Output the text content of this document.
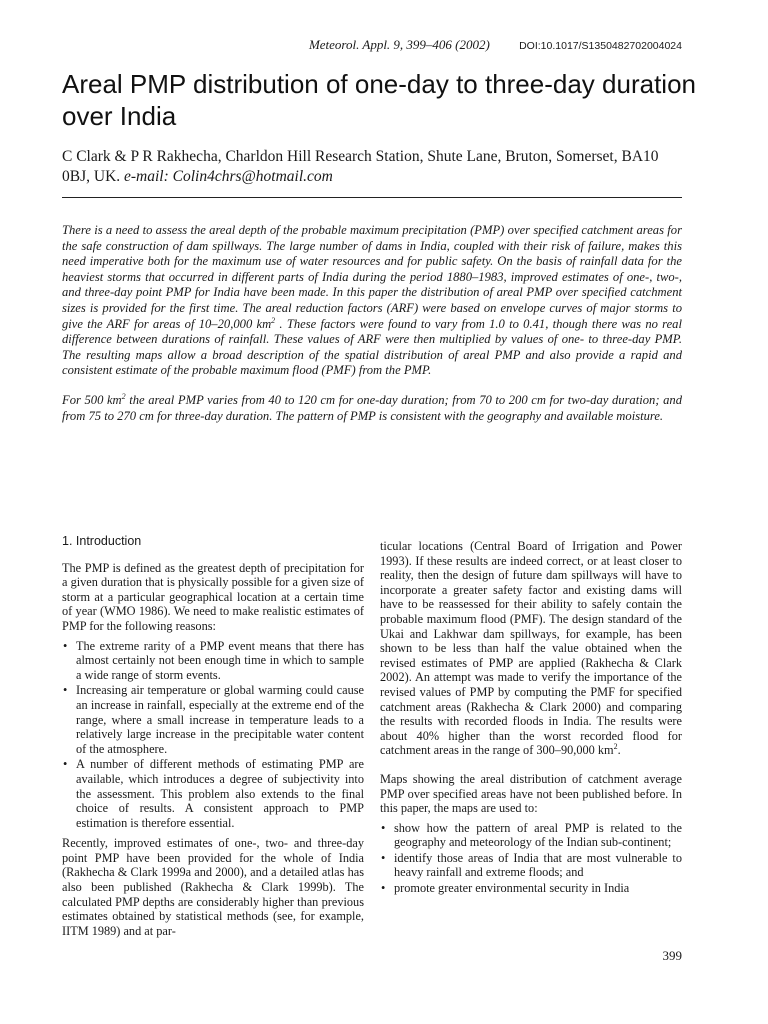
Meteorol. Appl. 9, 399–406 (2002)	DOI:10.1017/S1350482702004024
Areal PMP distribution of one-day to three-day duration over India
C Clark & P R Rakhecha, Charldon Hill Research Station, Shute Lane, Bruton, Somerset, BA10 0BJ, UK. e-mail: Colin4chrs@hotmail.com

There is a need to assess the areal depth of the probable maximum precipitation (PMP) over specified catchment areas for the safe construction of dam spillways. The large number of dams in India, coupled with their risk of failure, makes this need imperative both for the maximum use of water resources and for public safety. On the basis of rainfall data for the heaviest storms that occurred in different parts of India during the period 1880–1983, improved estimates of one-, two-, and three-day point PMP for India have been made. In this paper the distribution of areal PMP over specified catchment sizes is provided for the first time. The areal reduction factors (ARF) were based on envelope curves of major storms to give the ARF for areas of 10–20,000 $km^2$ . These factors were found to vary from 1.0 to 0.41, though there was no real difference between durations of rainfall. These values of ARF were then multiplied by values of one- to three-day PMP. The resulting maps allow a broad description of the spatial distribution of areal PMP and also provide a rapid and consistent estimate of the probable maximum flood (PMF) from the PMP.

For 500 $km^2$ the areal PMP varies from 40 to 120 cm for one-day duration; from 70 to 200 cm for two-day duration; and from 75 to 270 cm for three-day duration. The pattern of PMP is consistent with the geography and available moisture.

1. Introduction

The PMP is defined as the greatest depth of precipitation for a given duration that is physically possible for a given size of storm at a particular geographical location at a certain time of year (WMO 1986). We need to make realistic estimates of PMP for the following reasons:

• The extreme rarity of a PMP event means that there has almost certainly not been enough time in which to sample a wide range of storm events.
• Increasing air temperature or global warming could cause an increase in rainfall, especially at the extreme end of the range, where a small increase in temperature leads to a relatively large increase in the precipitable water content of the atmosphere.
• A number of different methods of estimating PMP are available, which introduces a degree of subjectivity into the assessment. This problem also extends to the final choice of results. A consistent approach to PMP estimation is therefore essential.

Recently, improved estimates of one-, two- and three-day point PMP have been provided for the whole of India (Rakhecha & Clark 1999a and 2000), and a detailed atlas has also been published (Rakhecha & Clark 1999b). The calculated PMP depths are considerably higher than previous estimates obtained by statistical methods (see, for example, IITM 1989) and at par-

ticular locations (Central Board of Irrigation and Power 1993). If these results are indeed correct, or at least closer to reality, then the design of future dam spillways will have to incorporate a greater safety factor and existing dams will have to be reassessed for their ability to safely contain the probable maximum flood (PMF). The design standard of the Ukai and Lakhwar dam spillways, for example, has been shown to be less than half the value obtained when the revised estimates of PMP are applied (Rakhecha & Clark 2002). An attempt was made to verify the importance of the revised values of PMP by computing the PMF for specified catchment areas (Rakhecha & Clark 2000) and comparing the results with recorded floods in India. The results were about 40% higher than the worst recorded flood for catchment areas in the range of 300–90,000 $km^2$.

Maps showing the areal distribution of catchment average PMP over specified areas have not been published before. In this paper, the maps are used to:

• show how the pattern of areal PMP is related to the geography and meteorology of the Indian sub-continent;
• identify those areas of India that are most vulnerable to heavy rainfall and extreme floods; and
• promote greater environmental security in India
399
